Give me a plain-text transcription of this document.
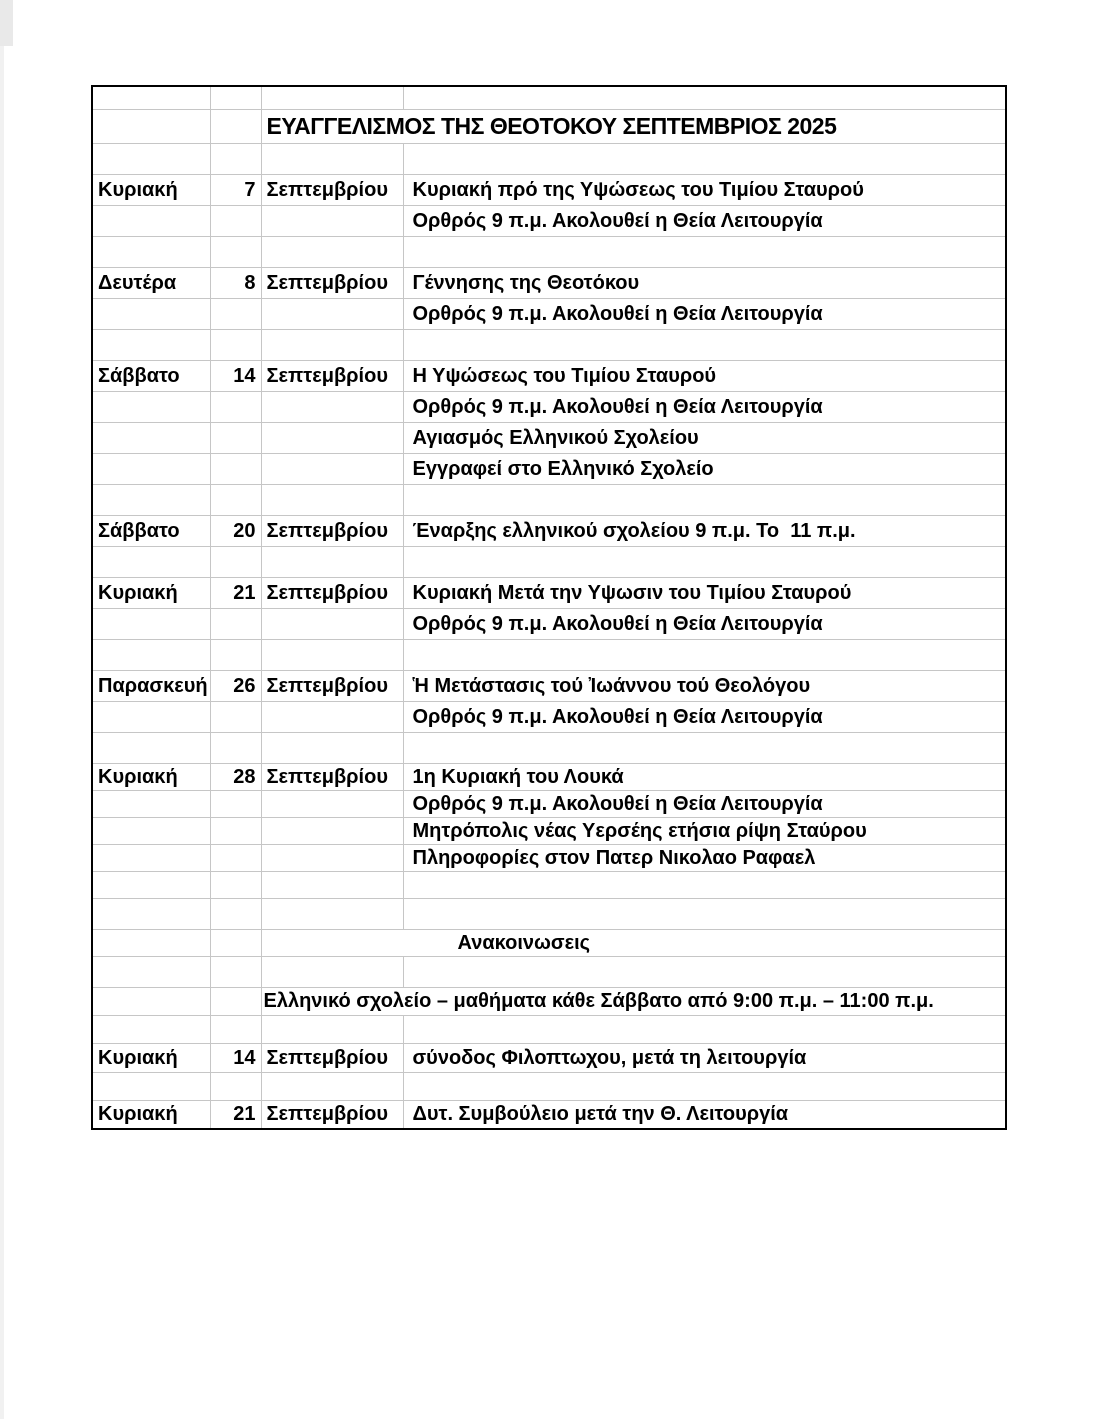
		ΕΥΑΓΓΕΛΙΣΜΟΣ ΤΗΣ ΘΕΟΤΟΚΟΥ ΣΕΠΤΕΜΒΡΙΟΣ 2025	

Κυριακή	7	Σεπτεμβρίου	Κυριακή πρό της Υψώσεως του Τιμίου Σταυρού
			Ορθρός 9 π.μ. Ακολουθεί η Θεία Λειτουργία

Δευτέρα	8	Σεπτεμβρίου	Γέννησης της Θεοτόκου
			Ορθρός 9 π.μ. Ακολουθεί η Θεία Λειτουργία

Σάββατο	14	Σεπτεμβρίου	Η Υψώσεως του Τιμίου Σταυρού
			Ορθρός 9 π.μ. Ακολουθεί η Θεία Λειτουργία
			Αγιασμός Ελληνικού Σχολείου
			Εγγραφεί στο Ελληνικό Σχολείο

Σάββατο	20	Σεπτεμβρίου	Έναρξης ελληνικού σχολείου 9 π.μ. Το  11 π.μ.

Κυριακή	21	Σεπτεμβρίου	Κυριακή Μετά την Υψωσιν του Τιμίου Σταυρού
			Ορθρός 9 π.μ. Ακολουθεί η Θεία Λειτουργία

Παρασκευή	26	Σεπτεμβρίου	Ἡ Μετάστασις τού Ἰωάννου τού Θεολόγου
			Ορθρός 9 π.μ. Ακολουθεί η Θεία Λειτουργία

Κυριακή	28	Σεπτεμβρίου	1η Κυριακή του Λουκά
			Ορθρός 9 π.μ. Ακολουθεί η Θεία Λειτουργία
			Μητρόπολις νέας Υερσέης ετήσια ρίψη Σταύρου
			Πληροφορίες στον Πατερ Νικολαο Ραφαελ

		Ανακοινωσεις	

		Ελληνικό σχολείο – μαθήματα κάθε Σάββατο από 9:00 π.μ. – 11:00 π.μ.	

Κυριακή	14	Σεπτεμβρίου	σύνοδος Φιλοπτωχου, μετά τη λειτουργία

Κυριακή	21	Σεπτεμβρίου	Δυτ. Συμβούλειο μετά την Θ. Λειτουργία
